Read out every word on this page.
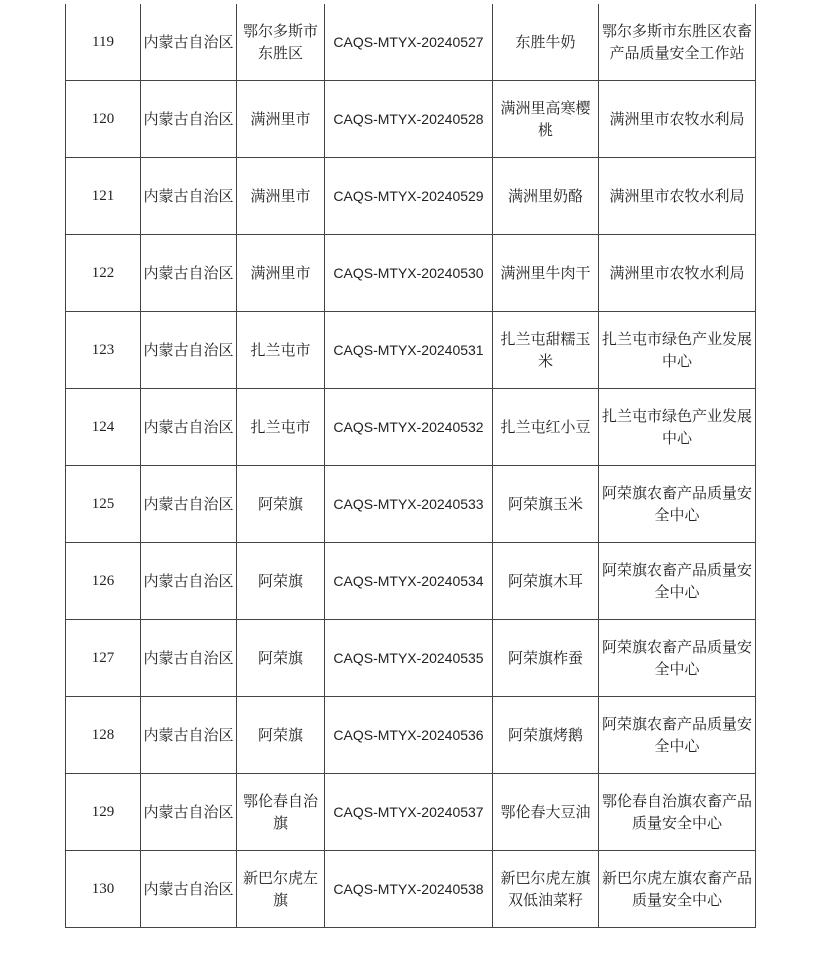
119	内蒙古自治区	鄂尔多斯市东胜区	CAQS-MTYX-20240527	东胜牛奶	鄂尔多斯市东胜区农畜产品质量安全工作站
120	内蒙古自治区	满洲里市	CAQS-MTYX-20240528	满洲里高寒樱桃	满洲里市农牧水利局
121	内蒙古自治区	满洲里市	CAQS-MTYX-20240529	满洲里奶酪	满洲里市农牧水利局
122	内蒙古自治区	满洲里市	CAQS-MTYX-20240530	满洲里牛肉干	满洲里市农牧水利局
123	内蒙古自治区	扎兰屯市	CAQS-MTYX-20240531	扎兰屯甜糯玉米	扎兰屯市绿色产业发展中心
124	内蒙古自治区	扎兰屯市	CAQS-MTYX-20240532	扎兰屯红小豆	扎兰屯市绿色产业发展中心
125	内蒙古自治区	阿荣旗	CAQS-MTYX-20240533	阿荣旗玉米	阿荣旗农畜产品质量安全中心
126	内蒙古自治区	阿荣旗	CAQS-MTYX-20240534	阿荣旗木耳	阿荣旗农畜产品质量安全中心
127	内蒙古自治区	阿荣旗	CAQS-MTYX-20240535	阿荣旗柞蚕	阿荣旗农畜产品质量安全中心
128	内蒙古自治区	阿荣旗	CAQS-MTYX-20240536	阿荣旗烤鹅	阿荣旗农畜产品质量安全中心
129	内蒙古自治区	鄂伦春自治旗	CAQS-MTYX-20240537	鄂伦春大豆油	鄂伦春自治旗农畜产品质量安全中心
130	内蒙古自治区	新巴尔虎左旗	CAQS-MTYX-20240538	新巴尔虎左旗双低油菜籽	新巴尔虎左旗农畜产品质量安全中心
